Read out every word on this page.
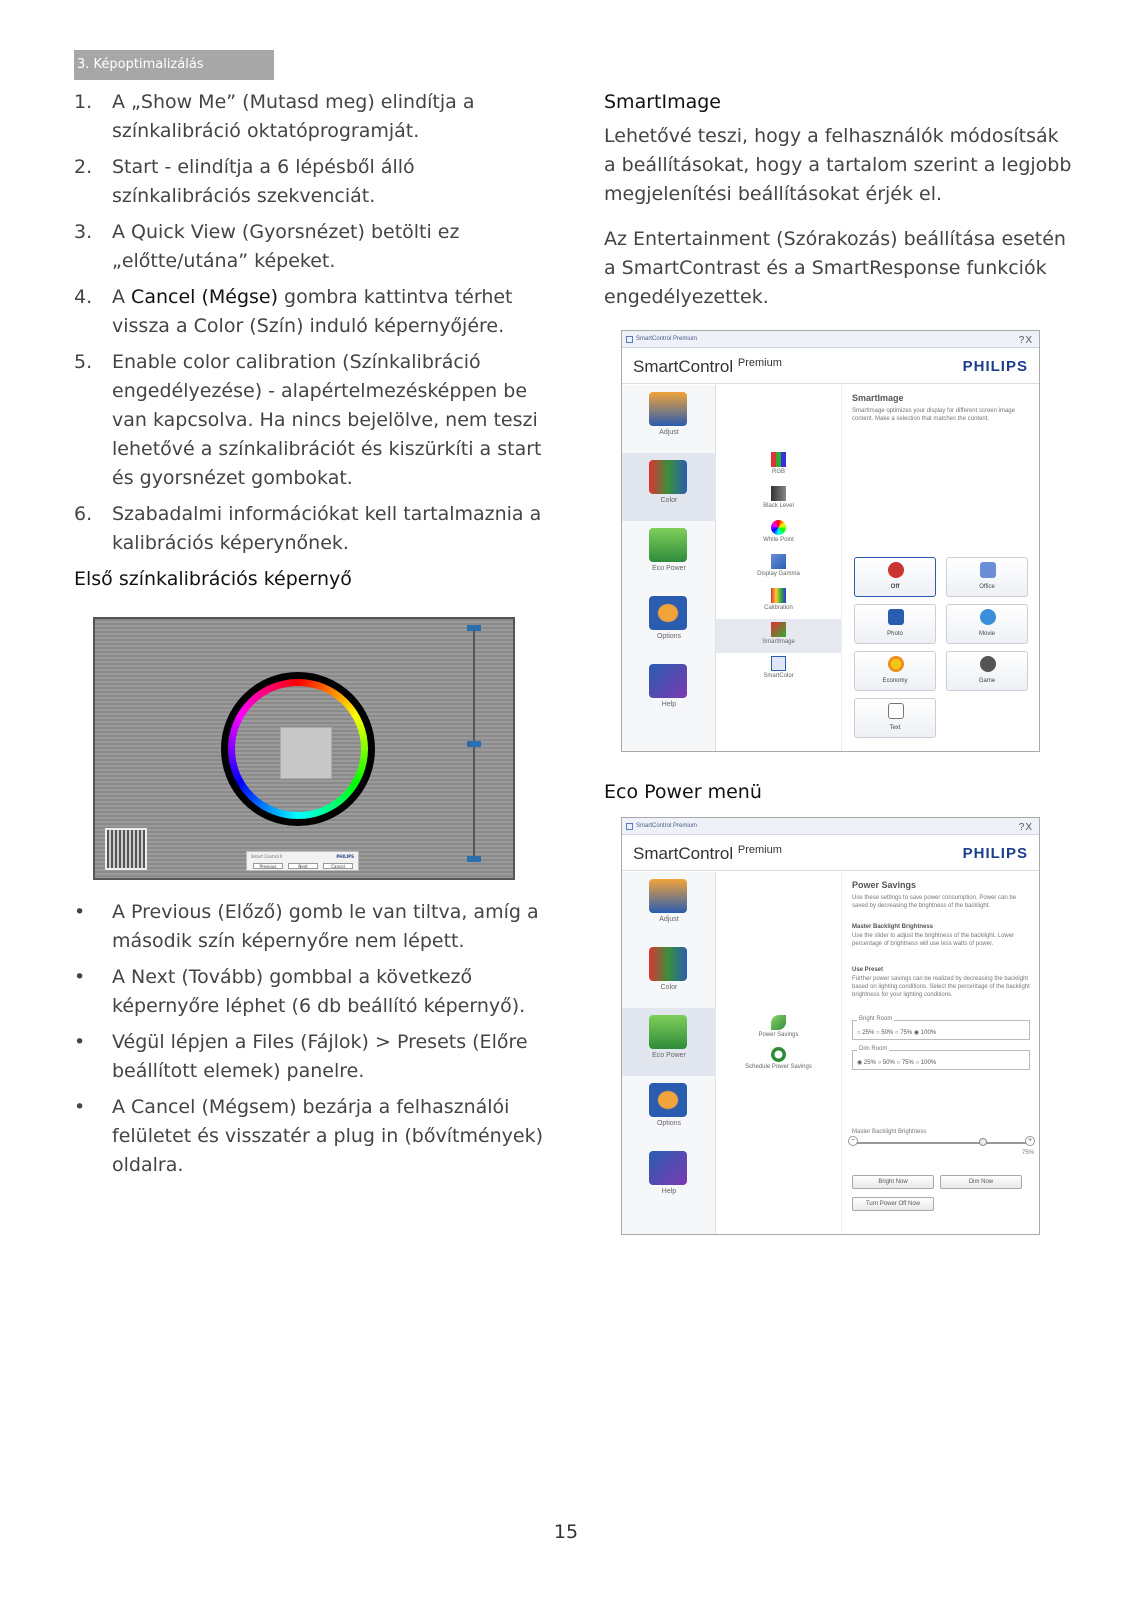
3. Képoptimalizálás
1. A „Show Me” (Mutasd meg) elindítja a színkalibráció oktatóprogramját.
2. Start - elindítja a 6 lépésből álló színkalibrációs szekvenciát.
3. A Quick View (Gyorsnézet) betölti ez „előtte/utána” képeket.
4. A Cancel (Mégse) gombra kattintva térhet vissza a Color (Szín) induló képernyőjére.
5. Enable color calibration (Színkalibráció engedélyezése) - alapértelmezésképpen be van kapcsolva. Ha nincs bejelölve, nem teszi lehetővé a színkalibrációt és kiszürkíti a start és gyorsnézet gombokat.
6. Szabadalmi információkat kell tartalmaznia a kalibrációs képerynőnek.
Első színkalibrációs képernyő
Smart Control II	PHILIPS
Previous	Next	Cancel
• A Previous (Előző) gomb le van tiltva, amíg a második szín képernyőre nem lépett.
• A Next (Tovább) gombbal a következő képernyőre léphet (6 db beállító képernyő).
• Végül lépjen a Files (Fájlok) > Presets (Előre beállított elemek) panelre.
• A Cancel (Mégsem) bezárja a felhasználói felületet és visszatér a plug in (bővítmények) oldalra.
SmartImage
Lehetővé teszi, hogy a felhasználók módosítsák a beállításokat, hogy a tartalom szerint a legjobb megjelenítési beállításokat érjék el.
Az Entertainment (Szórakozás) beállítása esetén a SmartContrast és a SmartResponse funkciók engedélyezettek.
SmartControl Premium	?X
SmartControl $^{Premium}$	PHILIPS
Adjust
Color
Eco Power
Options
Help
RGB
Black Level
White Point
Display Gamma
Calibration
SmartImage
SmartColor
SmartImage
SmartImage optimizes your display for different screen image content. Make a selection that matches the content.
Off	Office
Photo	Movie
Economy	Game
Text
Eco Power menü
SmartControl Premium	?X
SmartControl $^{Premium}$	PHILIPS
Adjust
Color
Eco Power
Options
Help
Power Savings
Schedule Power Savings
Power Savings
Use these settings to save power consumption. Power can be saved by decreasing the brightness of the backlight.
Master Backlight Brightness
Use the slider to adjust the brightness of the backlight. Lower percentage of brightness will use less watts of power.
Use Preset
Further power savings can be realized by decreasing the backlight based on lighting conditions. Select the percentage of the backlight brightness for your lighting conditions.
Bright Room
○ 25% ○ 50% ○ 75% ◉ 100%
Dim Room
◉ 25% ○ 50% ○ 75% ○ 100%
Master Backlight Brightness
−	+
75%
Bright Now	Dim Now
Turn Power Off Now
15
